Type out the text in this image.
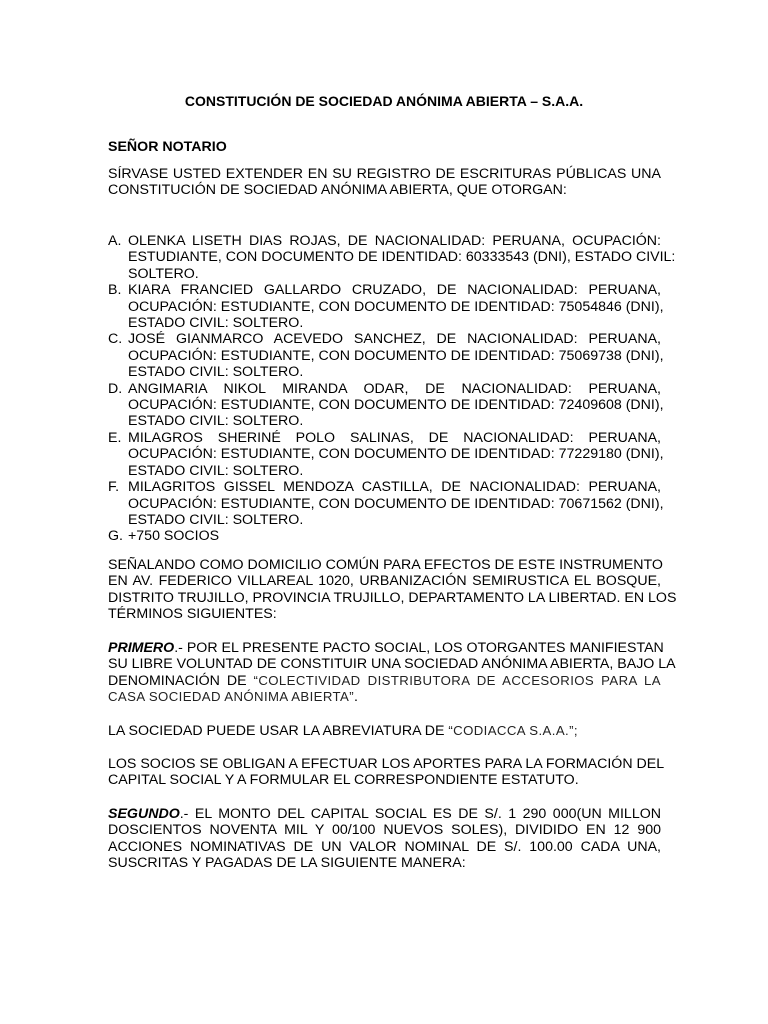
CONSTITUCIÓN DE SOCIEDAD ANÓNIMA ABIERTA – S.A.A.
SEÑOR NOTARIO
SÍRVASE USTED EXTENDER EN SU REGISTRO DE ESCRITURAS PÚBLICAS UNA
CONSTITUCIÓN DE SOCIEDAD ANÓNIMA ABIERTA, QUE OTORGAN:
A. OLENKA LISETH DIAS ROJAS, DE NACIONALIDAD: PERUANA, OCUPACIÓN:
ESTUDIANTE, CON DOCUMENTO DE IDENTIDAD: 60333543 (DNI), ESTADO CIVIL:
SOLTERO.
B. KIARA FRANCIED GALLARDO CRUZADO, DE NACIONALIDAD: PERUANA,
OCUPACIÓN: ESTUDIANTE, CON DOCUMENTO DE IDENTIDAD: 75054846 (DNI),
ESTADO CIVIL: SOLTERO.
C. JOSÉ GIANMARCO ACEVEDO SANCHEZ, DE NACIONALIDAD: PERUANA,
OCUPACIÓN: ESTUDIANTE, CON DOCUMENTO DE IDENTIDAD: 75069738 (DNI),
ESTADO CIVIL: SOLTERO.
D. ANGIMARIA NIKOL MIRANDA ODAR, DE NACIONALIDAD: PERUANA,
OCUPACIÓN: ESTUDIANTE, CON DOCUMENTO DE IDENTIDAD: 72409608 (DNI),
ESTADO CIVIL: SOLTERO.
E. MILAGROS SHERINÉ POLO SALINAS, DE NACIONALIDAD: PERUANA,
OCUPACIÓN: ESTUDIANTE, CON DOCUMENTO DE IDENTIDAD: 77229180 (DNI),
ESTADO CIVIL: SOLTERO.
F. MILAGRITOS GISSEL MENDOZA CASTILLA, DE NACIONALIDAD: PERUANA,
OCUPACIÓN: ESTUDIANTE, CON DOCUMENTO DE IDENTIDAD: 70671562 (DNI),
ESTADO CIVIL: SOLTERO.
G. +750 SOCIOS
SEÑALANDO COMO DOMICILIO COMÚN PARA EFECTOS DE ESTE INSTRUMENTO
EN AV. FEDERICO VILLAREAL 1020, URBANIZACIÓN SEMIRUSTICA EL BOSQUE,
DISTRITO TRUJILLO, PROVINCIA TRUJILLO, DEPARTAMENTO LA LIBERTAD. EN LOS
TÉRMINOS SIGUIENTES:
PRIMERO.- POR EL PRESENTE PACTO SOCIAL, LOS OTORGANTES MANIFIESTAN
SU LIBRE VOLUNTAD DE CONSTITUIR UNA SOCIEDAD ANÓNIMA ABIERTA, BAJO LA
DENOMINACIÓN DE “COLECTIVIDAD DISTRIBUTORA DE ACCESORIOS PARA LA
CASA SOCIEDAD ANÓNIMA ABIERTA”.
LA SOCIEDAD PUEDE USAR LA ABREVIATURA DE “CODIACCA S.A.A.”;
LOS SOCIOS SE OBLIGAN A EFECTUAR LOS APORTES PARA LA FORMACIÓN DEL
CAPITAL SOCIAL Y A FORMULAR EL CORRESPONDIENTE ESTATUTO.
SEGUNDO.- EL MONTO DEL CAPITAL SOCIAL ES DE S/. 1 290 000(UN MILLON
DOSCIENTOS NOVENTA MIL Y 00/100 NUEVOS SOLES), DIVIDIDO EN 12 900
ACCIONES NOMINATIVAS DE UN VALOR NOMINAL DE S/. 100.00 CADA UNA,
SUSCRITAS Y PAGADAS DE LA SIGUIENTE MANERA:
